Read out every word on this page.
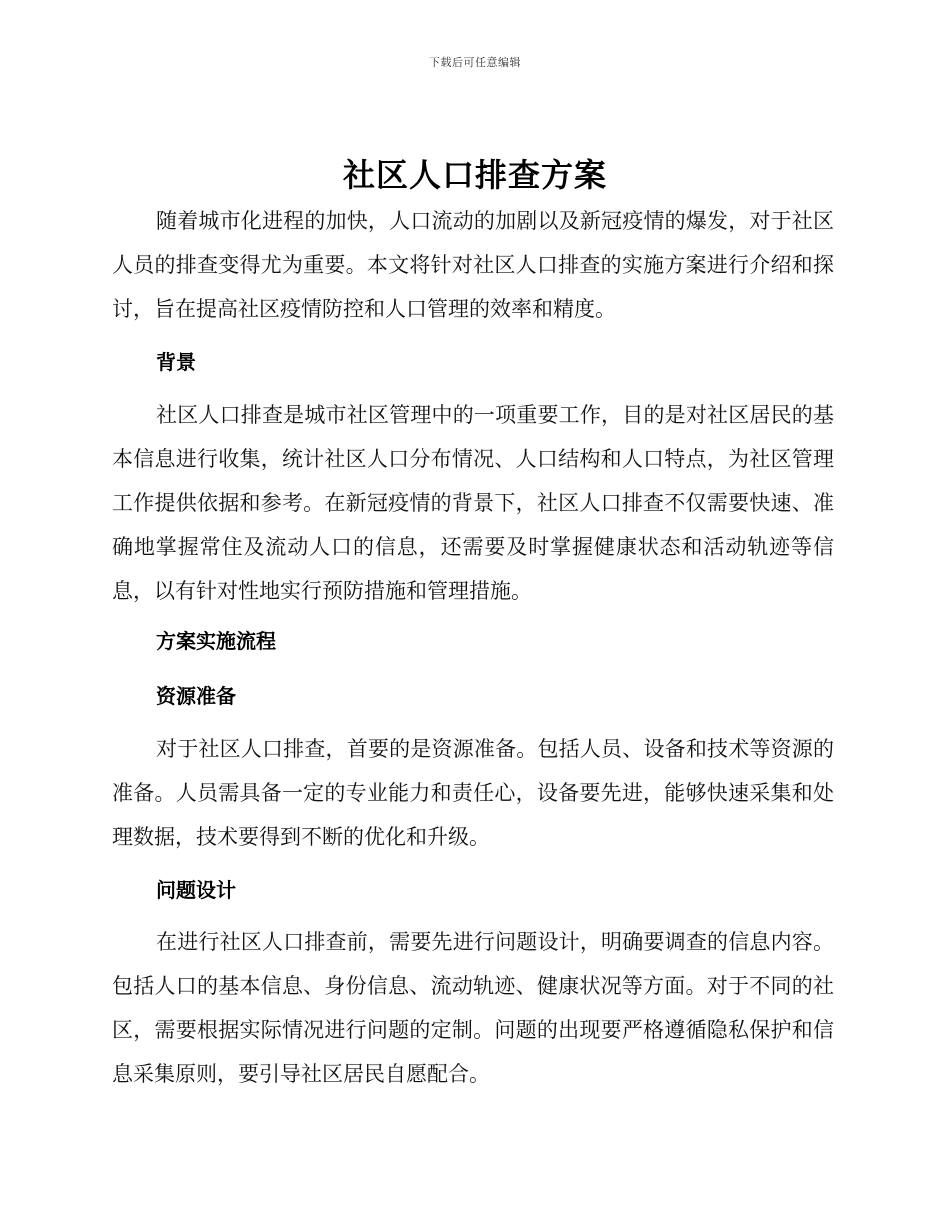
下载后可任意编辑
社区人口排查方案

随着城市化进程的加快，人口流动的加剧以及新冠疫情的爆发，对于社区人员的排查变得尤为重要。本文将针对社区人口排查的实施方案进行介绍和探讨，旨在提高社区疫情防控和人口管理的效率和精度。

背景

社区人口排查是城市社区管理中的一项重要工作，目的是对社区居民的基本信息进行收集，统计社区人口分布情况、人口结构和人口特点，为社区管理工作提供依据和参考。在新冠疫情的背景下，社区人口排查不仅需要快速、准确地掌握常住及流动人口的信息，还需要及时掌握健康状态和活动轨迹等信息，以有针对性地实行预防措施和管理措施。

方案实施流程
资源准备

对于社区人口排查，首要的是资源准备。包括人员、设备和技术等资源的准备。人员需具备一定的专业能力和责任心，设备要先进，能够快速采集和处理数据，技术要得到不断的优化和升级。

问题设计

在进行社区人口排查前，需要先进行问题设计，明确要调查的信息内容。包括人口的基本信息、身份信息、流动轨迹、健康状况等方面。对于不同的社区，需要根据实际情况进行问题的定制。问题的出现要严格遵循隐私保护和信息采集原则，要引导社区居民自愿配合。
